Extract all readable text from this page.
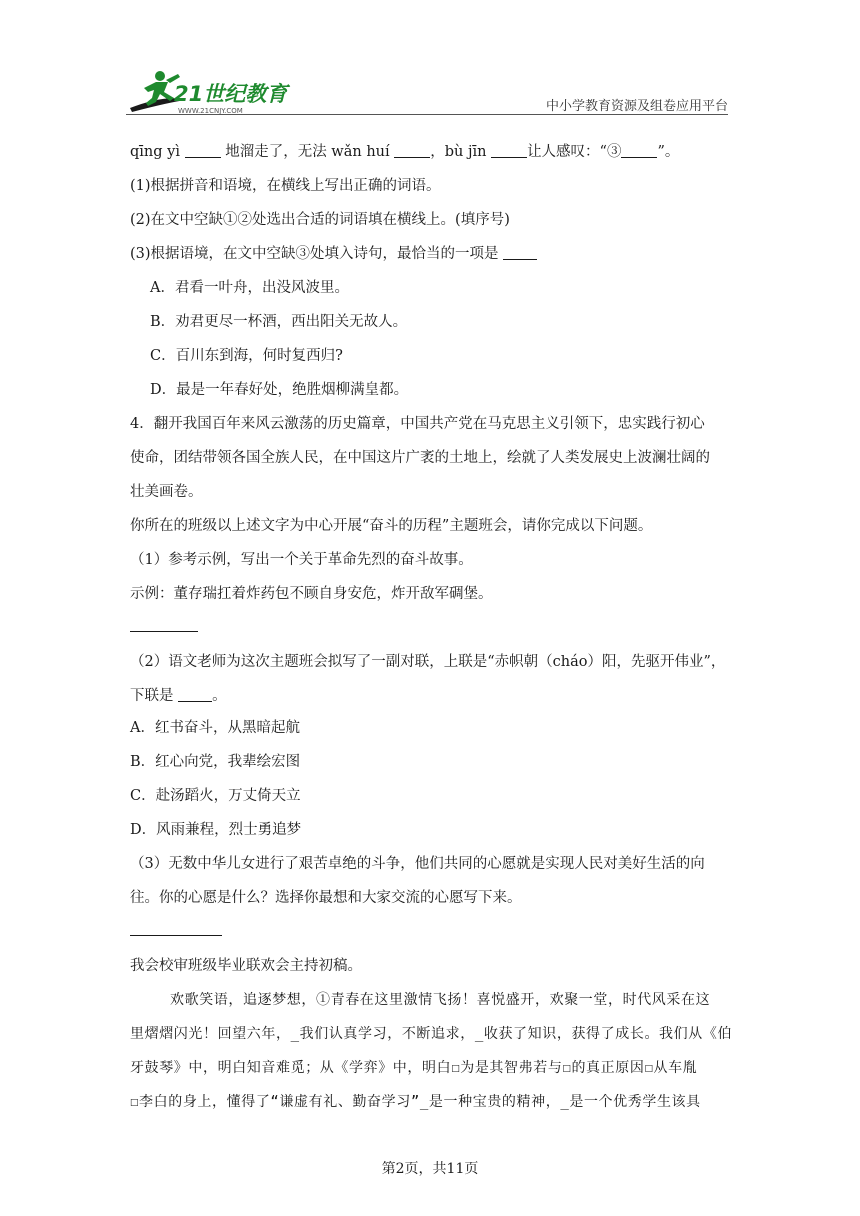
21世纪教育
WWW.21CNJY.COM	中小学教育资源及组卷应用平台
qīng yì	地溜走了，无法 wǎn huí	，bù jīn	让人感叹：“③ ”。
(1)根据拼音和语境，在横线上写出正确的词语。
(2)在文中空缺①②处选出合适的词语填在横线上。(填序号)
(3)根据语境，在文中空缺③处填入诗句，最恰当的一项是
A．君看一叶舟，出没风波里。
B．劝君更尽一杯酒，西出阳关无故人。
C．百川东到海，何时复西归?
D．最是一年春好处，绝胜烟柳满皇都。
4．翻开我国百年来风云激荡的历史篇章，中国共产党在马克思主义引领下，忠实践行初心
使命，团结带领各国全族人民，在中国这片广袤的土地上，绘就了人类发展史上波澜壮阔的
壮美画卷。
你所在的班级以上述文字为中心开展“奋斗的历程”主题班会，请你完成以下问题。
（1）参考示例，写出一个关于革命先烈的奋斗故事。
示例：董存瑞扛着炸药包不顾自身安危，炸开敌军碉堡。
（2）语文老师为这次主题班会拟写了一副对联，上联是“赤帜朝（cháo）阳，先驱开伟业”，
下联是	。
A．红书奋斗，从黑暗起航
B．红心向党，我辈绘宏图
C．赴汤蹈火，万丈倚天立
D．风雨兼程，烈士勇追梦
（3）无数中华儿女进行了艰苦卓绝的斗争，他们共同的心愿就是实现人民对美好生活的向
往。你的心愿是什么？选择你最想和大家交流的心愿写下来。
我会校审班级毕业联欢会主持初稿。
欢歌笑语，追逐梦想，①青春在这里激情飞扬！喜悦盛开，欢聚一堂，时代风采在这
里熠熠闪光！回望六年，_我们认真学习，不断追求，_收获了知识，获得了成长。我们从《伯
牙鼓琴》中，明白知音难觅；从《学弈》中，明白☐为是其智弗若与☐的真正原因☐从车胤
☐李白的身上，懂得了“谦虚有礼、勤奋学习”_是一种宝贵的精神，_是一个优秀学生该具
第2页，共11页
